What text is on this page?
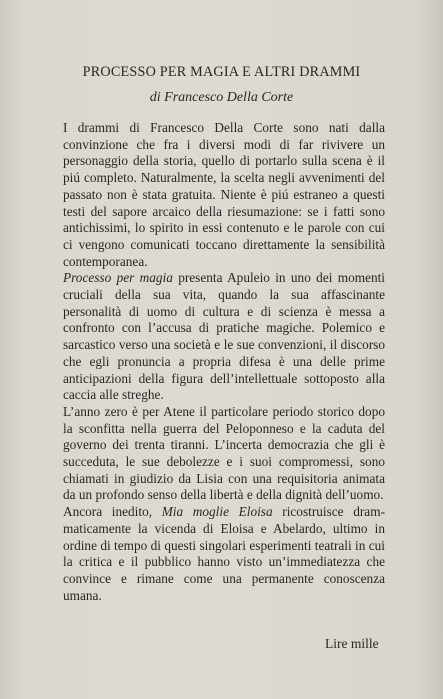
PROCESSO PER MAGIA E ALTRI DRAMMI
di Francesco Della Corte

I drammi di Francesco Della Corte sono nati dalla convinzione che fra i diversi modi di far rivivere un personaggio della storia, quello di portarlo sulla scena è il piú completo. Naturalmente, la scelta negli avvenimenti del passato non è stata gratuita. Niente è piú estraneo a questi testi del sapore arcaico della riesumazione: se i fatti sono antichissimi, lo spirito in essi contenuto e le parole con cui ci vengono comunicati toccano direttamente la sensibilità contemporanea.

Processo per magia presenta Apuleio in uno dei momenti cruciali della sua vita, quando la sua affascinante personalità di uomo di cultura e di scienza è messa a confronto con l’accusa di pratiche magiche. Polemico e sarcastico verso una società e le sue convenzioni, il discorso che egli pronuncia a propria difesa è una delle prime anticipazioni della figura dell’intellettuale sottoposto alla caccia alle streghe.

L’anno zero è per Atene il particolare periodo storico dopo la sconfitta nella guerra del Peloponneso e la caduta del governo dei trenta tiranni. L’incerta democrazia che gli è succeduta, le sue debolezze e i suoi compromessi, sono chiamati in giudizio da Lisia con una requisitoria animata da un profondo senso della libertà e della dignità dell’uomo.

Ancora inedito, Mia moglie Eloisa ricostruisce drammaticamente la vicenda di Eloisa e Abelardo, ultimo in ordine di tempo di questi singolari esperimenti teatrali in cui la critica e il pubblico hanno visto un’immediatezza che convince e rimane come una permanente conoscenza umana.

Lire mille
